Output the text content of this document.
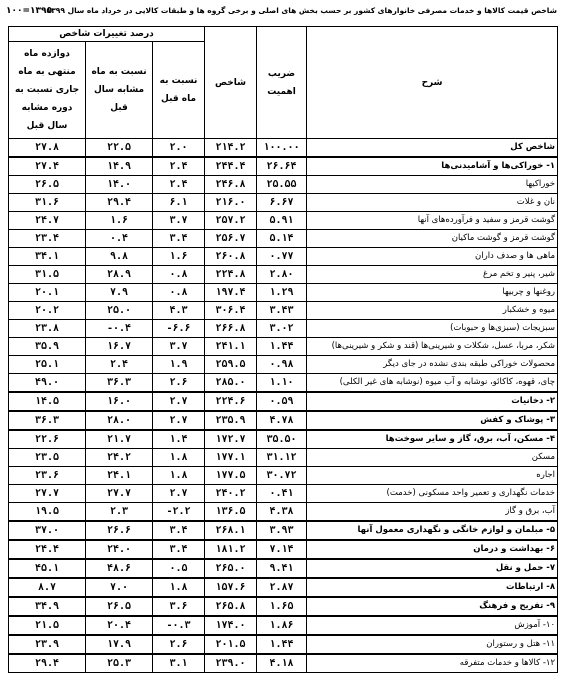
۱۰۰=۱۳۹۵
شاخص قیمت کالاها و خدمات مصرفی خانوارهای کشور بر حسب بخش های اصلی و برخی گروه ها و طبقات کالایی در خرداد ماه سال ۱۳۹۹
شرح	ضریب اهمیت	شاخص	درصد تغییرات شاخص		
			نسبت به ماه قبل	نسبت به ماه مشابه سال قبل	دوازده ماه منتهی به ماه جاری نسبت به دوره مشابه سال قبل
شاخص کل	۱۰۰.۰۰	۲۱۴.۲	۲.۰	۲۲.۵	۲۷.۸
۱- خوراکی‌ها و آشامیدنی‌ها	۲۶.۶۴	۲۴۴.۴	۲.۴	۱۴.۹	۲۷.۴
خوراکیها	۲۵.۵۵	۲۴۶.۸	۲.۴	۱۴.۰	۲۶.۵
نان و غلات	۶.۶۷	۲۱۶.۰	۶.۱	۲۹.۴	۳۱.۶
گوشت قرمز و سفید و فرآورده‌های آنها	۵.۹۱	۲۵۷.۲	۳.۷	۱.۶	۲۴.۷
گوشت قرمز و گوشت ماکیان	۵.۱۴	۲۵۶.۷	۳.۴	۰.۴	۲۳.۴
ماهی ها و صدف داران	۰.۷۷	۲۶۰.۸	۱.۶	۹.۸	۳۴.۱
شیر، پنیر و تخم مرغ	۲.۸۰	۲۲۴.۸	۰.۸	۲۸.۹	۳۱.۵
روغنها و چربیها	۱.۲۹	۱۹۷.۴	۰.۸	۷.۹	۲۰.۱
میوه و خشکبار	۳.۴۳	۳۰۶.۴	۴.۳	۲۵.۰	۲۰.۲
سبزیجات (سبزی‌ها و حبوبات)	۳.۰۲	۲۶۶.۸	۶.۶-	۰.۴-	۲۳.۸
شکر، مربا، عسل، شکلات و شیرینی‌ها (قند و شکر و شیرینی‌ها)	۱.۴۴	۲۴۱.۱	۳.۷	۱۶.۷	۳۵.۹
محصولات خوراکی طبقه بندی نشده در جای دیگر	۰.۹۸	۲۵۹.۵	۱.۹	۲.۴	۲۵.۱
چای، قهوه، کاکائو، نوشابه و آب میوه (نوشابه های غیر الکلی)	۱.۱۰	۲۸۵.۰	۲.۶	۳۶.۳	۴۹.۰
۲- دخانیات	۰.۵۹	۲۲۴.۶	۲.۷	۱۶.۰	۱۴.۵
۳- پوشاک و کفش	۴.۷۸	۲۳۵.۹	۲.۷	۲۸.۰	۳۶.۳
۴- مسکن، آب، برق، گاز و سایر سوخت‌ها	۳۵.۵۰	۱۷۲.۷	۱.۴	۲۱.۷	۲۲.۶
مسکن	۳۱.۱۲	۱۷۷.۱	۱.۸	۲۴.۲	۲۳.۵
اجاره	۳۰.۷۲	۱۷۷.۵	۱.۸	۲۴.۱	۲۳.۶
خدمات نگهداری و تعمیر واحد مسکونی (خدمت)	۰.۴۱	۲۴۰.۲	۲.۷	۲۷.۷	۲۷.۷
آب، برق و گاز	۴.۳۸	۱۳۶.۵	۲.۲-	۲.۳	۱۹.۵
۵- مبلمان و لوازم خانگی و نگهداری معمول آنها	۳.۹۳	۲۶۸.۱	۳.۴	۲۶.۶	۳۷.۰
۶- بهداشت و درمان	۷.۱۴	۱۸۱.۲	۳.۴	۲۴.۰	۲۴.۴
۷- حمل و نقل	۹.۴۱	۲۶۵.۰	۰.۵	۴۸.۶	۴۵.۱
۸- ارتباطات	۲.۸۷	۱۵۷.۶	۱.۸	۷.۰	۸.۷
۹- تفریح و فرهنگ	۱.۶۵	۲۶۵.۸	۳.۶	۲۶.۵	۳۴.۹
۱۰- آموزش	۱.۸۶	۱۷۴.۰	۰.۳-	۲۰.۴	۲۱.۵
۱۱- هتل و رستوران	۱.۴۴	۲۰۱.۵	۲.۶	۱۷.۹	۲۳.۹
۱۲- کالاها و خدمات متفرقه	۴.۱۸	۲۳۹.۰	۳.۱	۲۵.۳	۲۹.۴
